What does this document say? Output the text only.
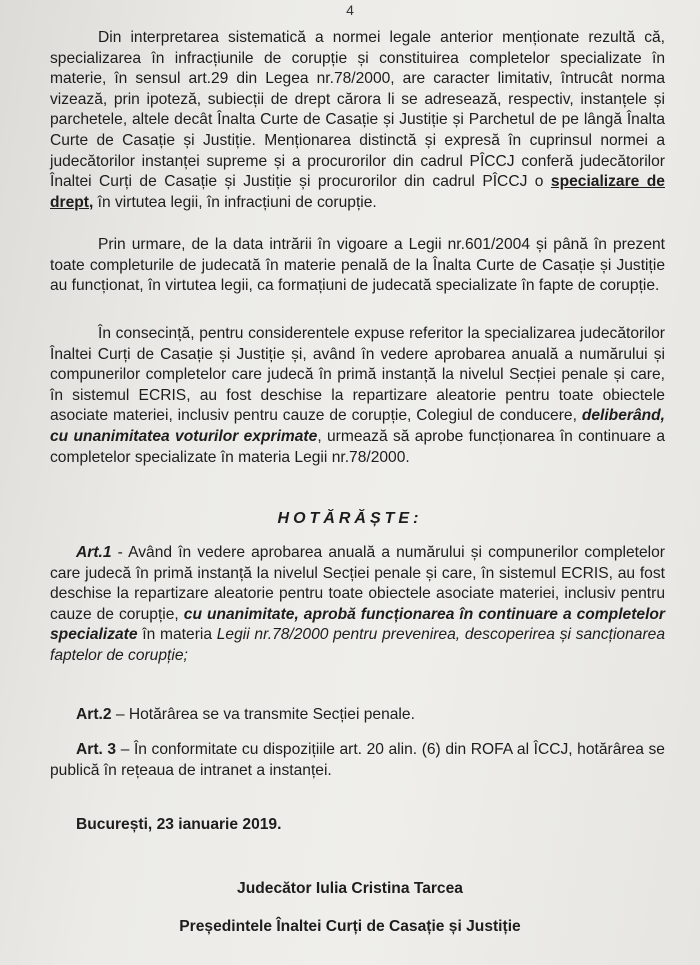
4

Din interpretarea sistematică a normei legale anterior menționate rezultă că, specializarea în infracțiunile de corupție și constituirea completelor specializate în materie, în sensul art.29 din Legea nr.78/2000, are caracter limitativ, întrucât norma vizează, prin ipoteză, subiecții de drept cărora li se adresează, respectiv, instanțele și parchetele, altele decât Înalta Curte de Casație și Justiție și Parchetul de pe lângă Înalta Curte de Casație și Justiție. Menționarea distinctă și expresă în cuprinsul normei a judecătorilor instanței supreme și a procurorilor din cadrul PÎCCJ conferă judecătorilor Înaltei Curți de Casație și Justiție și procurorilor din cadrul PÎCCJ o specializare de drept, în virtutea legii, în infracțiuni de corupție.

Prin urmare, de la data intrării în vigoare a Legii nr.601/2004 și până în prezent toate completurile de judecată în materie penală de la Înalta Curte de Casație și Justiție au funcționat, în virtutea legii, ca formațiuni de judecată specializate în fapte de corupție.

În consecință, pentru considerentele expuse referitor la specializarea judecătorilor Înaltei Curți de Casație și Justiție și, având în vedere aprobarea anuală a numărului și compunerilor completelor care judecă în primă instanță la nivelul Secției penale și care, în sistemul ECRIS, au fost deschise la repartizare aleatorie pentru toate obiectele asociate materiei, inclusiv pentru cauze de corupție, Colegiul de conducere, deliberând, cu unanimitatea voturilor exprimate, urmează să aprobe funcționarea în continuare a completelor specializate în materia Legii nr.78/2000.

HOTĂRĂȘTE:

Art.1 - Având în vedere aprobarea anuală a numărului și compunerilor completelor care judecă în primă instanță la nivelul Secției penale și care, în sistemul ECRIS, au fost deschise la repartizare aleatorie pentru toate obiectele asociate materiei, inclusiv pentru cauze de corupție, cu unanimitate, aprobă funcționarea în continuare a completelor specializate în materia Legii nr.78/2000 pentru prevenirea, descoperirea și sancționarea faptelor de corupție;

Art.2 – Hotărârea se va transmite Secției penale.

Art. 3 – În conformitate cu dispozițiile art. 20 alin. (6) din ROFA al ÎCCJ, hotărârea se publică în rețeaua de intranet a instanței.

București, 23 ianuarie 2019.
Judecător Iulia Cristina Tarcea
Președintele Înaltei Curți de Casație și Justiție
